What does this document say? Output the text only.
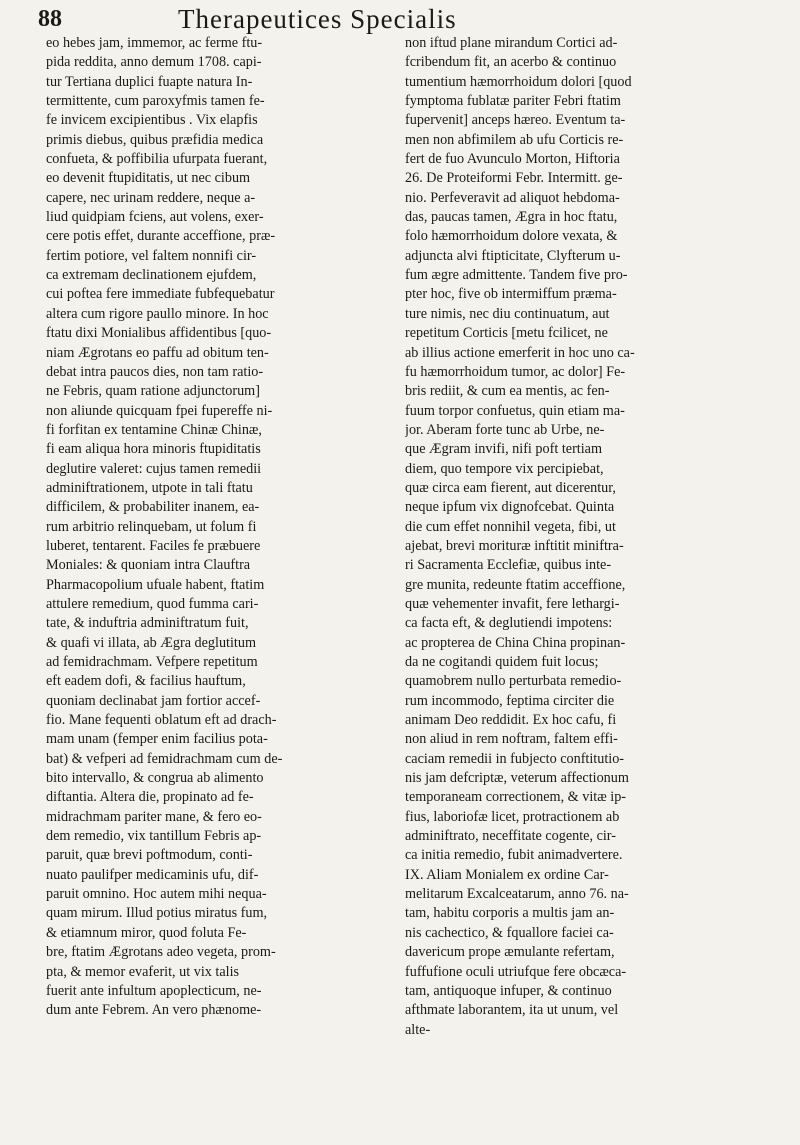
88	Therapeutices Specialis
eo hebes jam, immemor, ac ferme ftu-
pida reddita, anno demum 1708. capi-
tur Tertiana duplici fuapte natura In-
termittente, cum paroxyfmis tamen fe-
fe invicem excipientibus . Vix elapfis
primis diebus, quibus præfidia medica
confueta, & poffibilia ufurpata fuerant,
eo devenit ftupiditatis, ut nec cibum
capere, nec urinam reddere, neque a-
liud quidpiam fciens, aut volens, exer-
cere potis effet, durante acceffione, præ-
fertim potiore, vel faltem nonnifi cir-
ca extremam declinationem ejufdem,
cui poftea fere immediate fubfequebatur
altera cum rigore paullo minore. In hoc
ftatu dixi Monialibus affidentibus [quo-
niam Ægrotans eo paffu ad obitum ten-
debat intra paucos dies, non tam ratio-
ne Febris, quam ratione adjunctorum]
non aliunde quicquam fpei fupereffe ni-
fi forfitan ex tentamine Chinæ Chinæ,
fi eam aliqua hora minoris ftupiditatis
deglutire valeret: cujus tamen remedii
adminiftrationem, utpote in tali ftatu
difficilem, & probabiliter inanem, ea-
rum arbitrio relinquebam, ut folum fi
luberet, tentarent. Faciles fe præbuere
Moniales: & quoniam intra Clauftra
Pharmacopolium ufuale habent, ftatim
attulere remedium, quod fumma cari-
tate, & induftria adminiftratum fuit,
& quafi vi illata, ab Ægra deglutitum
ad femidrachmam. Vefpere repetitum
eft eadem dofi, & facilius hauftum,
quoniam declinabat jam fortior accef-
fio. Mane fequenti oblatum eft ad drach-
mam unam (femper enim facilius pota-
bat) & vefperi ad femidrachmam cum de-
bito intervallo, & congrua ab alimento
diftantia. Altera die, propinato ad fe-
midrachmam pariter mane, & fero eo-
dem remedio, vix tantillum Febris ap-
paruit, quæ brevi poftmodum, conti-
nuato paulifper medicaminis ufu, dif-
paruit omnino. Hoc autem mihi nequa-
quam mirum. Illud potius miratus fum,
& etiamnum miror, quod foluta Fe-
bre, ftatim Ægrotans adeo vegeta, prom-
pta, & memor evaferit, ut vix talis
fuerit ante infultum apoplecticum, ne-
dum ante Febrem. An vero phænome-
non iftud plane mirandum Cortici ad-
fcribendum fit, an acerbo & continuo
tumentium hæmorrhoidum dolori [quod
fymptoma fublatæ pariter Febri ftatim
fupervenit] anceps hæreo. Eventum ta-
men non abfimilem ab ufu Corticis re-
fert de fuo Avunculo Morton, Hiftoria
26. De Proteiformi Febr. Intermitt. ge-
nio. Perfeveravit ad aliquot hebdoma-
das, paucas tamen, Ægra in hoc ftatu,
folo hæmorrhoidum dolore vexata, &
adjuncta alvi ftipticitate, Clyfterum u-
fum ægre admittente. Tandem five pro-
pter hoc, five ob intermiffum præma-
ture nimis, nec diu continuatum, aut
repetitum Corticis [metu fcilicet, ne
ab illius actione emerferit in hoc uno ca-
fu hæmorrhoidum tumor, ac dolor] Fe-
bris rediit, & cum ea mentis, ac fen-
fuum torpor confuetus, quin etiam ma-
jor. Aberam forte tunc ab Urbe, ne-
que Ægram invifi, nifi poft tertiam
diem, quo tempore vix percipiebat,
quæ circa eam fierent, aut dicerentur,
neque ipfum vix dignofcebat. Quinta
die cum effet nonnihil vegeta, fibi, ut
ajebat, brevi morituræ inftitit miniftra-
ri Sacramenta Ecclefiæ, quibus inte-
gre munita, redeunte ftatim acceffione,
quæ vehementer invafit, fere lethargi-
ca facta eft, & deglutiendi impotens:
ac propterea de China China propinan-
da ne cogitandi quidem fuit locus;
quamobrem nullo perturbata remedio-
rum incommodo, feptima circiter die
animam Deo reddidit. Ex hoc cafu, fi
non aliud in rem noftram, faltem effi-
caciam remedii in fubjecto conftitutio-
nis jam defcriptæ, veterum affectionum
temporaneam correctionem, & vitæ ip-
fius, laboriofæ licet, protractionem ab
adminiftrato, neceffitate cogente, cir-
ca initia remedio, fubit animadvertere.
IX. Aliam Monialem ex ordine Car-
melitarum Excalceatarum, anno 76. na-
tam, habitu corporis a multis jam an-
nis cachectico, & fquallore faciei ca-
davericum prope æmulante refertam,
fuffufione oculi utriufque fere obcæca-
tam, antiquoque infuper, & continuo
afthmate laborantem, ita ut unum, vel
alte-
